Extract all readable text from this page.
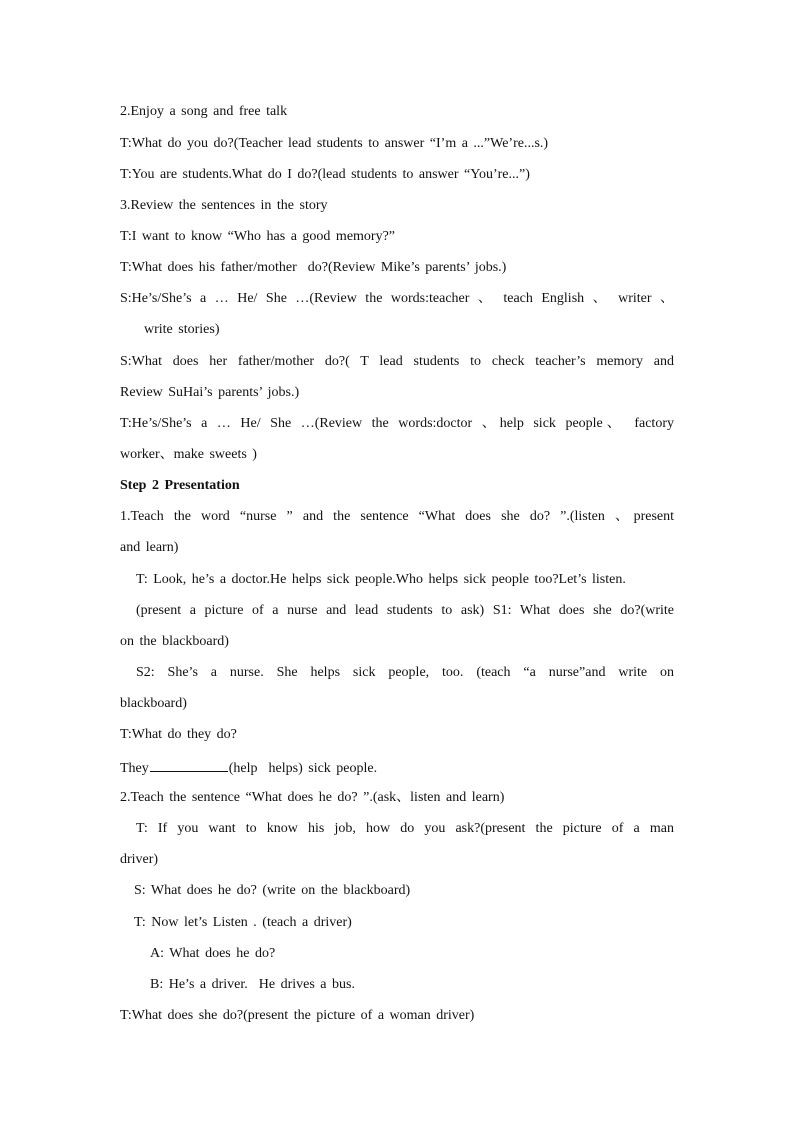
2.Enjoy a song and free talk
T:What do you do?(Teacher lead students to answer “I’m a ...”We’re...s.)
T:You are students.What do I do?(lead students to answer “You’re...”)
3.Review the sentences in the story
T:I want to know “Who has a good memory?”
T:What does his father/mother  do?(Review Mike’s parents’ jobs.)
S:He’s/She’s a … He/ She …(Review the words:teacher 、 teach English 、 writer 、
write stories)
S:What does her father/mother do?( T lead students to check teacher’s memory and
Review SuHai’s parents’ jobs.)
T:He’s/She’s a … He/ She …(Review the words:doctor 、help sick people、 factory
worker、make sweets )
Step 2 Presentation
1.Teach the word “nurse ” and the sentence “What does she do? ”.(listen 、present
and learn)
T: Look, he’s a doctor.He helps sick people.Who helps sick people too?Let’s listen.
(present a picture of a nurse and lead students to ask) S1: What does she do?(write
on the blackboard)
S2: She’s a nurse. She helps sick people, too. (teach “a nurse”and write on
blackboard)
T:What do they do?
They	(help  helps) sick people.
2.Teach the sentence “What does he do? ”.(ask、listen and learn)
T: If you want to know his job, how do you ask?(present the picture of a man
driver)
S: What does he do? (write on the blackboard)
T: Now let’s Listen . (teach a driver)
A: What does he do?
B: He’s a driver.  He drives a bus.
T:What does she do?(present the picture of a woman driver)
